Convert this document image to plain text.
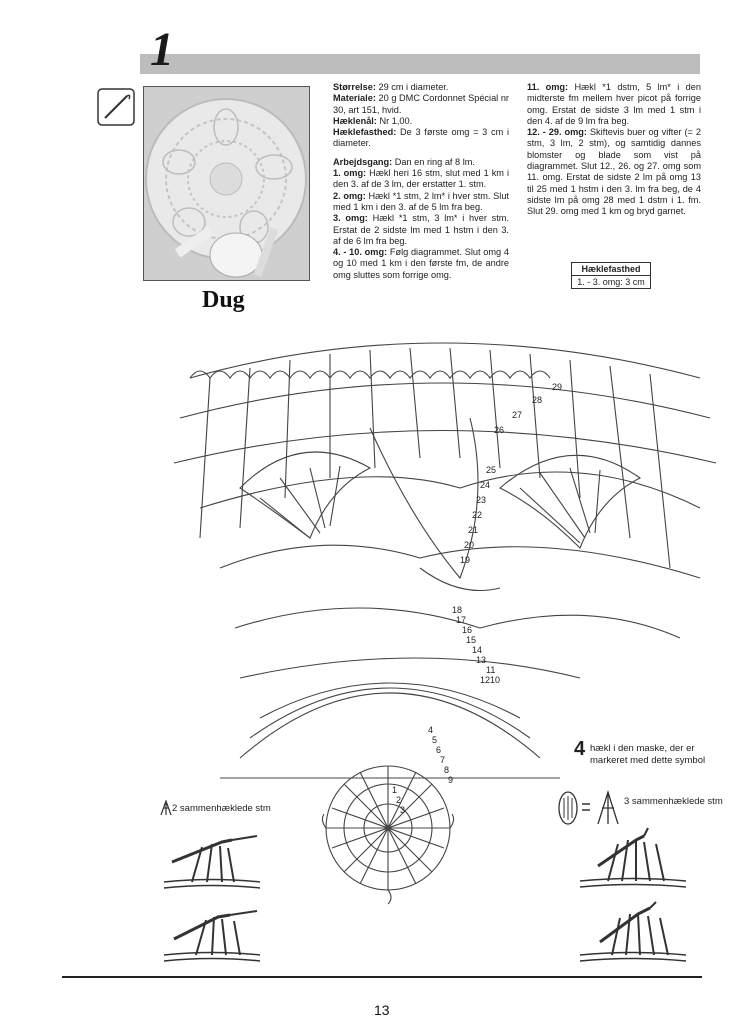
1
Dug

Størrelse: 29 cm i diameter.
Materiale: 20 g DMC Cordonnet Spécial nr 30, art 151, hvid.
Hæklenål: Nr 1,00.
Hæklefasthed: De 3 første omg = 3 cm i diameter.

Arbejdsgang: Dan en ring af 8 lm.
1. omg: Hækl heri 16 stm, slut med 1 km i den 3. af de 3 lm, der erstatter 1. stm.
2. omg: Hækl *1 stm, 2 lm* i hver stm. Slut med 1 km i den 3. af de 5 lm fra beg.
3. omg: Hækl *1 stm, 3 lm* i hver stm. Erstat de 2 sidste lm med 1 hstm i den 3. af de 6 lm fra beg.
4. - 10. omg: Følg diagrammet. Slut omg 4 og 10 med 1 km i den første fm, de andre omg sluttes som forrige omg.

11. omg: Hækl *1 dstm, 5 lm* i den midterste fm mellem hver picot på forrige omg. Erstat de sidste 3 lm med 1 stm i den 4. af de 9 lm fra beg.
12. - 29. omg: Skiftevis buer og vifter (= 2 stm, 3 lm, 2 stm), og samtidig dannes blomster og blade som vist på diagrammet. Slut 12., 26. og 27. omg som 11. omg. Erstat de sidste 2 lm på omg 13 til 25 med 1 hstm i den 3. lm fra beg, de 4 sidste lm på omg 28 med 1 dstm i 1. fm. Slut 29. omg med 1 km og bryd garnet.

Hæklefasthed
1. - 3. omg: 3 cm
1
2
3
4
5
6
7
8
9
10
11
12
13
14
15
16
17
18
19
20
21
22
23
24
25
26
27
28
29
4 hækl i den maske, der er markeret med dette symbol
2 sammenhæklede stm
3 sammenhæklede stm
13
